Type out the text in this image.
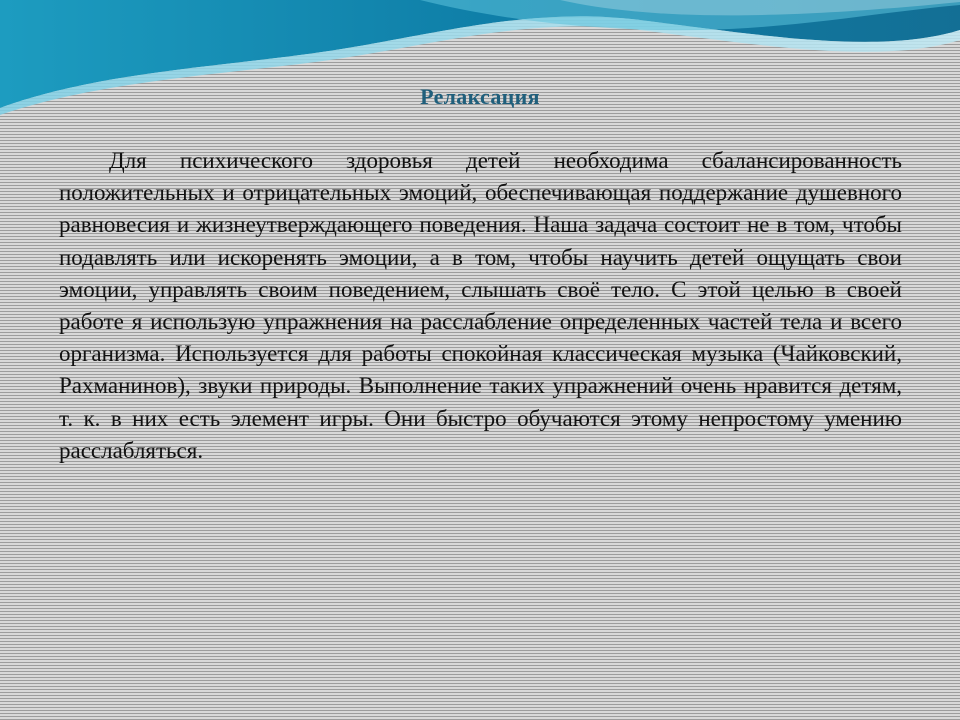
Релаксация

Для психического здоровья детей необходима сбалансированность положительных и отрицательных эмоций, обеспечивающая поддержание душевного равновесия и жизнеутверждающего поведения. Наша задача состоит не в том, чтобы подавлять или искоренять эмоции, а в том, чтобы научить детей ощущать свои эмоции, управлять своим поведением, слышать своё тело. С этой целью в своей работе я использую упражнения на расслабление определенных частей тела и всего организма. Используется для работы спокойная классическая музыка (Чайковский, Рахманинов), звуки природы. Выполнение таких упражнений очень нравится детям, т. к. в них есть элемент игры. Они быстро обучаются этому непростому умению расслабляться.
